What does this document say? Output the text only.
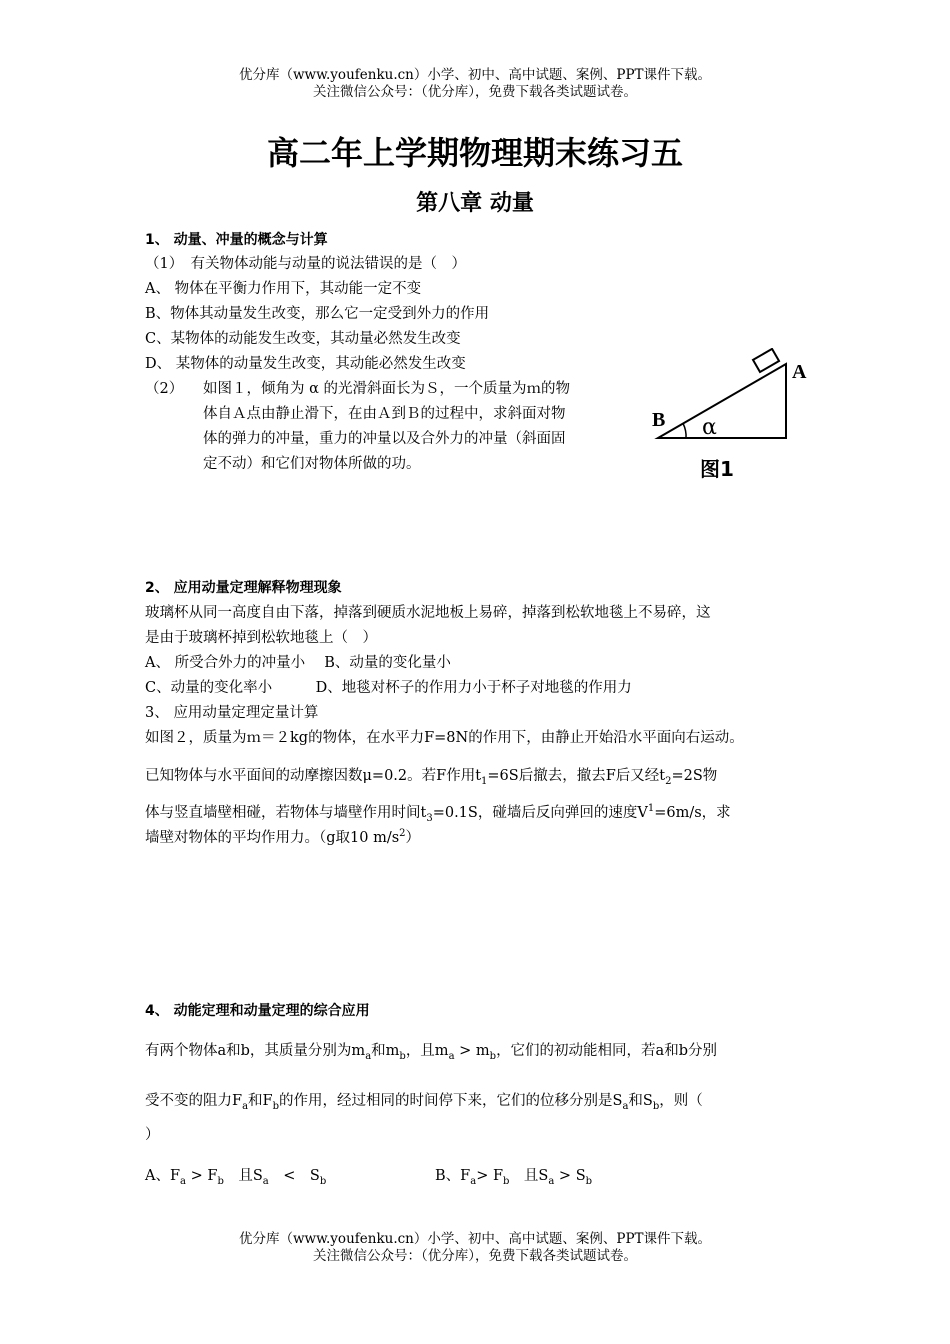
优分库（www.youfenku.cn）小学、初中、高中试题、案例、PPT课件下载。
关注微信公众号：（优分库），免费下载各类试题试卷。
高二年上学期物理期末练习五
第八章 动量
1、 动量、冲量的概念与计算
（1）　有关物体动能与动量的说法错误的是（　）
A、 物体在平衡力作用下，其动能一定不变
B、物体其动量发生改变，那么它一定受到外力的作用
C、某物体的动能发生改变，其动量必然发生改变
D、 某物体的动量发生改变，其动能必然发生改变
（2） 如图１，倾角为 α 的光滑斜面长为Ｓ，一个质量为ｍ的物
体自Ａ点由静止滑下，在由Ａ到Ｂ的过程中，求斜面对物
体的弹力的冲量，重力的冲量以及合外力的冲量（斜面固
定不动）和它们对物体所做的功。
A
B α
图1
2、 应用动量定理解释物理现象
玻璃杯从同一高度自由下落，掉落到硬质水泥地板上易碎，掉落到松软地毯上不易碎，这
是由于玻璃杯掉到松软地毯上（　）
A、 所受合外力的冲量小　 B、动量的变化量小
C、动量的变化率小　　　D、地毯对杯子的作用力小于杯子对地毯的作用力
3、 应用动量定理定量计算
如图２，质量为ｍ＝２kg的物体，在水平力F=8N的作用下，由静止开始沿水平面向右运动。
已知物体与水平面间的动摩擦因数μ=0.2。若F作用$t_1=6S$后撤去，撤去F后又经$t_2=2S$物
体与竖直墙壁相碰，若物体与墙壁作用时间$t_3=0.1S$，碰墙后反向弹回的速度$V^1=6m/s$，求
墙壁对物体的平均作用力。（g取10 $m/s^2$）
4、 动能定理和动量定理的综合应用
有两个物体a和b，其质量分别为$m_a$和$m_b$，且$m_a > m_b$，它们的初动能相同，若a和b分别
受不变的阻力$F_a$和$F_b$的作用，经过相同的时间停下来，它们的位移分别是$S_a$和$S_b$，则（
）
A、$F_a > F_b$　且$S_a$　<　$S_b$	B、$F_a> F_b$　且$S_a > S_b$
优分库（www.youfenku.cn）小学、初中、高中试题、案例、PPT课件下载。
关注微信公众号：（优分库），免费下载各类试题试卷。
